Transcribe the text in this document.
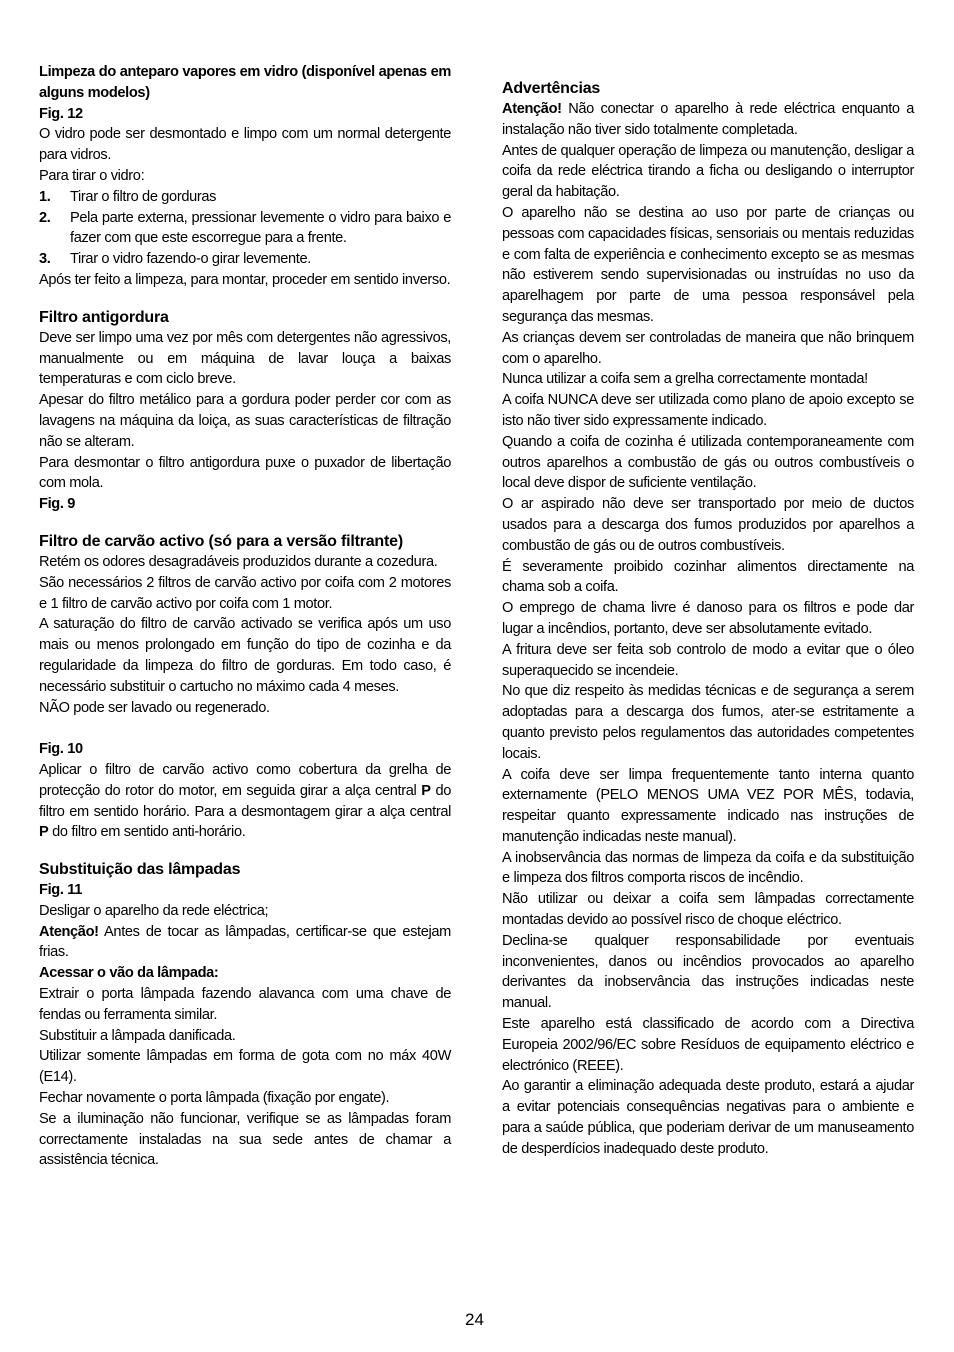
Limpeza do anteparo vapores em vidro (disponível apenas em alguns modelos)

Fig. 12

O vidro pode ser desmontado e limpo com um normal detergente para vidros.

Para tirar o vidro:

1.	Tirar o filtro de gorduras
2.	Pela parte externa, pressionar levemente o vidro para baixo e fazer com que este escorregue para a frente.
3.	Tirar o vidro fazendo-o girar levemente.

Após ter feito a limpeza, para montar, proceder em sentido inverso.

Filtro antigordura

Deve ser limpo uma vez por mês com detergentes não agressivos, manualmente ou em máquina de lavar louça a baixas temperaturas e com ciclo breve.

Apesar do filtro metálico para a gordura poder perder cor com as lavagens na máquina da loiça, as suas características de filtração não se alteram.

Para desmontar o filtro antigordura puxe o puxador de libertação com mola.

Fig. 9

Filtro de carvão activo (só para a versão filtrante)

Retém os odores desagradáveis produzidos durante a cozedura.

São necessários 2 filtros de carvão activo por coifa com 2 motores e 1 filtro de carvão activo por coifa com 1 motor.

A saturação do filtro de carvão activado se verifica após um uso mais ou menos prolongado em função do tipo de cozinha e da regularidade da limpeza do filtro de gorduras. Em todo caso, é necessário substituir o cartucho no máximo cada 4 meses.

NÃO pode ser lavado ou regenerado.

Fig. 10

Aplicar o filtro de carvão activo como cobertura da grelha de protecção do rotor do motor, em seguida girar a alça central P do filtro em sentido horário. Para a desmontagem girar a alça central P do filtro em sentido anti-horário.

Substituição das lâmpadas

Fig. 11

Desligar o aparelho da rede eléctrica;

Atenção! Antes de tocar as lâmpadas, certificar-se que estejam frias.

Acessar o vão da lâmpada:

Extrair o porta lâmpada fazendo alavanca com uma chave de fendas ou ferramenta similar.

Substituir a lâmpada danificada.

Utilizar somente lâmpadas em forma de gota com no máx 40W (E14).

Fechar novamente o porta lâmpada (fixação por engate).

Se a iluminação não funcionar, verifique se as lâmpadas foram correctamente instaladas na sua sede antes de chamar a assistência técnica.

Advertências

Atenção! Não conectar o aparelho à rede eléctrica enquanto a instalação não tiver sido totalmente completada.

Antes de qualquer operação de limpeza ou manutenção, desligar a coifa da rede eléctrica tirando a ficha ou desligando o interruptor geral da habitação.

O aparelho não se destina ao uso por parte de crianças ou pessoas com capacidades físicas, sensoriais ou mentais reduzidas e com falta de experiência e conhecimento excepto se as mesmas não estiverem sendo supervisionadas ou instruídas no uso da aparelhagem por parte de uma pessoa responsável pela segurança das mesmas.

As crianças devem ser controladas de maneira que não brinquem com o aparelho.

Nunca utilizar a coifa sem a grelha correctamente montada!

A coifa NUNCA deve ser utilizada como plano de apoio excepto se isto não tiver sido expressamente indicado.

Quando a coifa de cozinha é utilizada contemporaneamente com outros aparelhos a combustão de gás ou outros combustíveis o local deve dispor de suficiente ventilação.

O ar aspirado não deve ser transportado por meio de ductos usados para a descarga dos fumos produzidos por aparelhos a combustão de gás ou de outros combustíveis.

É severamente proibido cozinhar alimentos directamente na chama sob a coifa.

O emprego de chama livre é danoso para os filtros e pode dar lugar a incêndios, portanto, deve ser absolutamente evitado.

A fritura deve ser feita sob controlo de modo a evitar que o óleo superaquecido se incendeie.

No que diz respeito às medidas técnicas e de segurança a serem adoptadas para a descarga dos fumos, ater-se estritamente a quanto previsto pelos regulamentos das autoridades competentes locais.

A coifa deve ser limpa frequentemente tanto interna quanto externamente (PELO MENOS UMA VEZ POR MÊS, todavia, respeitar quanto expressamente indicado nas instruções de manutenção indicadas neste manual).

A inobservância das normas de limpeza da coifa e da substituição e limpeza dos filtros comporta riscos de incêndio.

Não utilizar ou deixar a coifa sem lâmpadas correctamente montadas devido ao possível risco de choque eléctrico.

Declina-se qualquer responsabilidade por eventuais inconvenientes, danos ou incêndios provocados ao aparelho derivantes da inobservância das instruções indicadas neste manual.

Este aparelho está classificado de acordo com a Directiva Europeia 2002/96/EC sobre Resíduos de equipamento eléctrico e electrónico (REEE).

Ao garantir a eliminação adequada deste produto, estará a ajudar a evitar potenciais consequências negativas para o ambiente e para a saúde pública, que poderiam derivar de um manuseamento de desperdícios inadequado deste produto.

24
